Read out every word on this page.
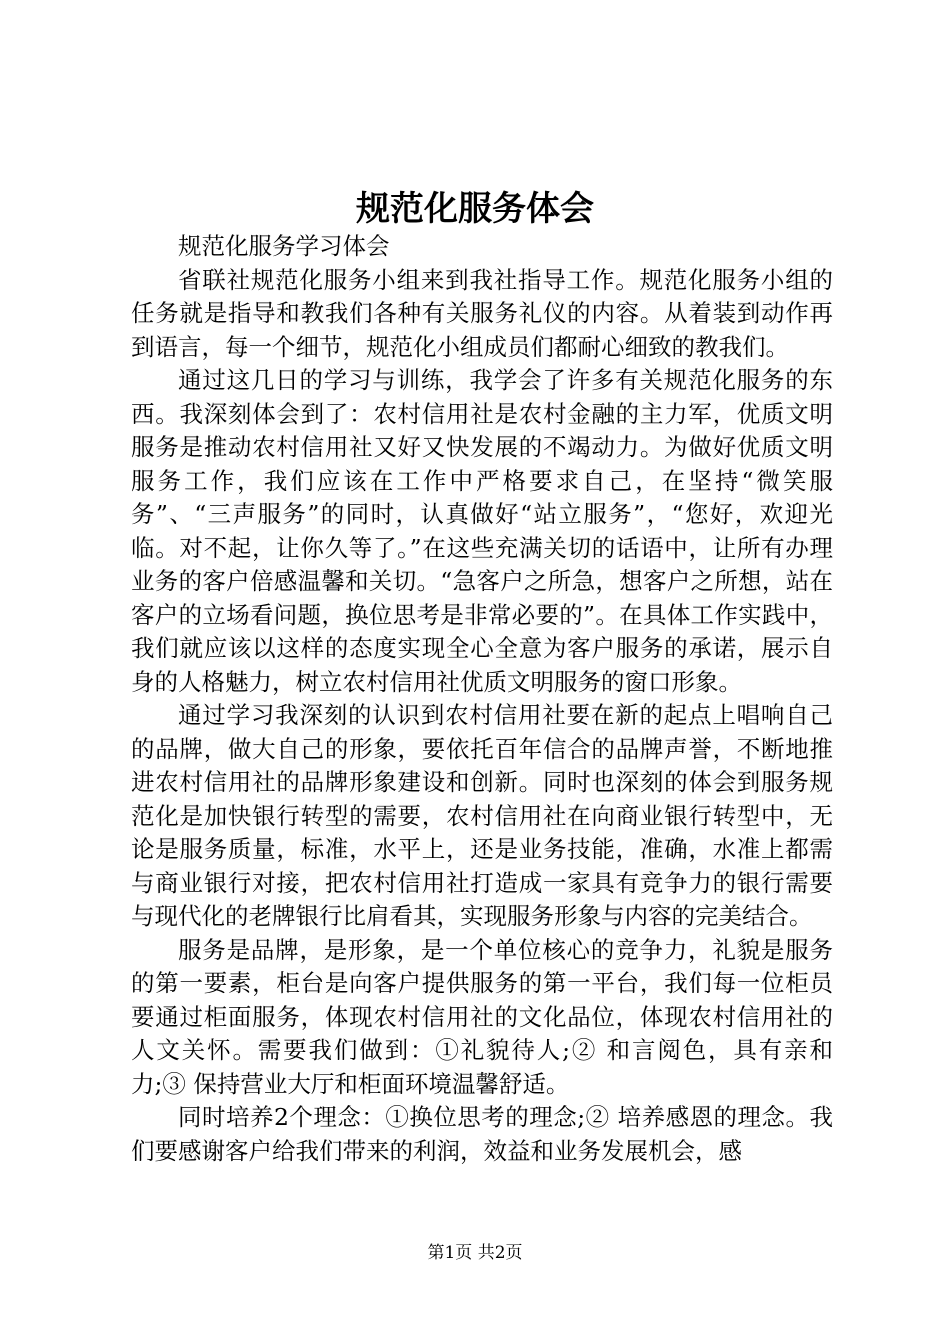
规范化服务体会

规范化服务学习体会

省联社规范化服务小组来到我社指导工作。规范化服务小组的任务就是指导和教我们各种有关服务礼仪的内容。从着装到动作再到语言，每一个细节，规范化小组成员们都耐心细致的教我们。

通过这几日的学习与训练，我学会了许多有关规范化服务的东西。我深刻体会到了：农村信用社是农村金融的主力军，优质文明服务是推动农村信用社又好又快发展的不竭动力。为做好优质文明服务工作，我们应该在工作中严格要求自己，在坚持“微笑服务”、“三声服务”的同时，认真做好“站立服务”，“您好，欢迎光临。对不起，让你久等了。”在这些充满关切的话语中，让所有办理业务的客户倍感温馨和关切。“急客户之所急，想客户之所想，站在客户的立场看问题，换位思考是非常必要的”。在具体工作实践中，我们就应该以这样的态度实现全心全意为客户服务的承诺，展示自身的人格魅力，树立农村信用社优质文明服务的窗口形象。

通过学习我深刻的认识到农村信用社要在新的起点上唱响自己的品牌，做大自己的形象，要依托百年信合的品牌声誉，不断地推进农村信用社的品牌形象建设和创新。同时也深刻的体会到服务规范化是加快银行转型的需要，农村信用社在向商业银行转型中，无论是服务质量，标准，水平上，还是业务技能，准确，水准上都需与商业银行对接，把农村信用社打造成一家具有竞争力的银行需要与现代化的老牌银行比肩看其，实现服务形象与内容的完美结合。

服务是品牌，是形象，是一个单位核心的竞争力，礼貌是服务的第一要素，柜台是向客户提供服务的第一平台，我们每一位柜员要通过柜面服务，体现农村信用社的文化品位，体现农村信用社的人文关怀。需要我们做到：①礼貌待人;② 和言阅色，具有亲和力;③ 保持营业大厅和柜面环境温馨舒适。

同时培养2个理念：①换位思考的理念;② 培养感恩的理念。我们要感谢客户给我们带来的利润，效益和业务发展机会，感

第1页 共2页
